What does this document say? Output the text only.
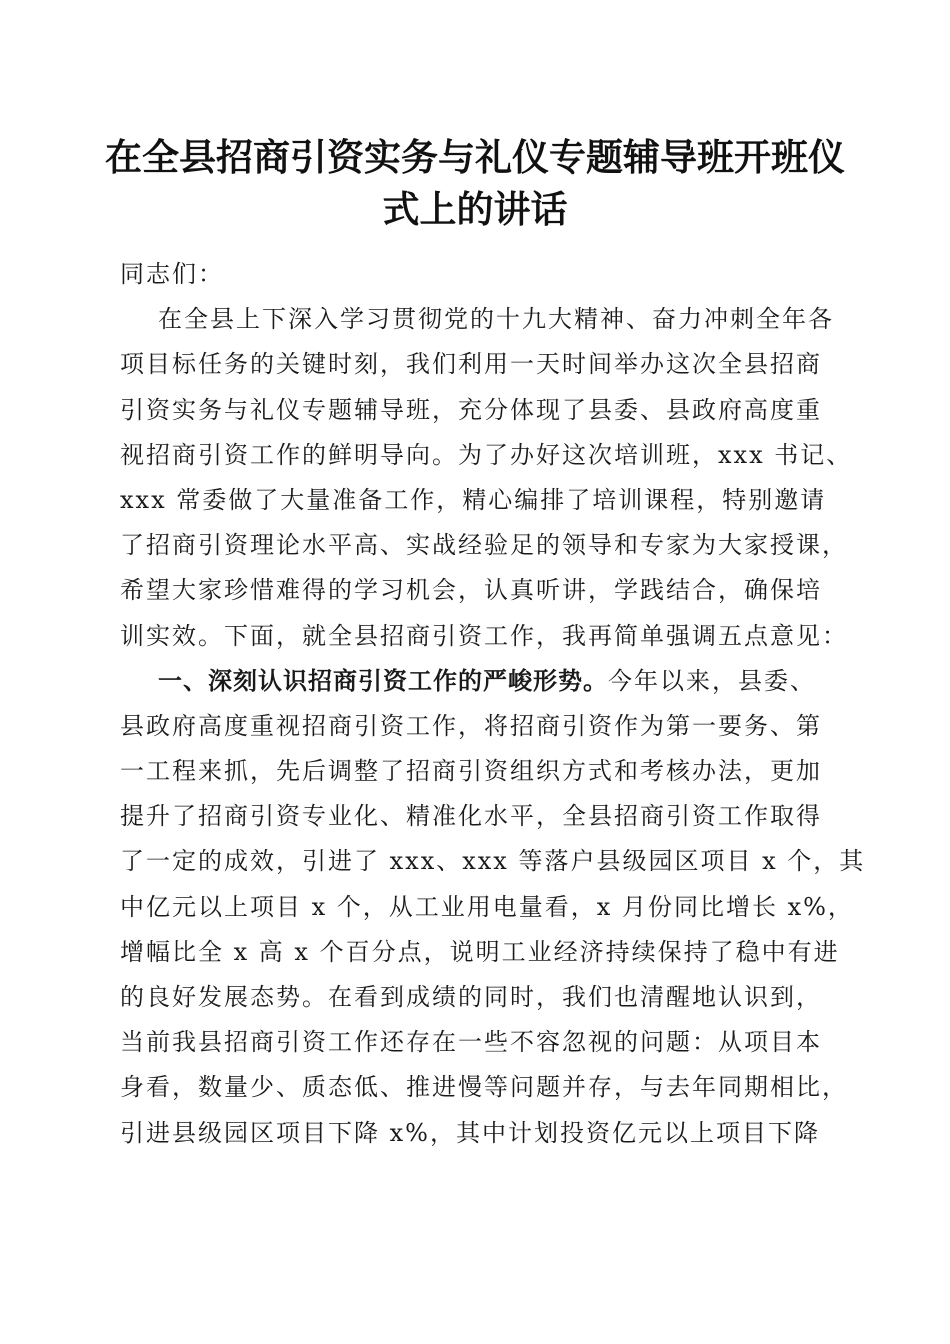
在全县招商引资实务与礼仪专题辅导班开班仪
式上的讲话
同志们：
在全县上下深入学习贯彻党的十九大精神、奋力冲刺全年各
项目标任务的关键时刻，我们利用一天时间举办这次全县招商
引资实务与礼仪专题辅导班，充分体现了县委、县政府高度重
视招商引资工作的鲜明导向。为了办好这次培训班，xxx 书记、
xxx 常委做了大量准备工作，精心编排了培训课程，特别邀请
了招商引资理论水平高、实战经验足的领导和专家为大家授课，
希望大家珍惜难得的学习机会，认真听讲，学践结合，确保培
训实效。下面，就全县招商引资工作，我再简单强调五点意见：
一、深刻认识招商引资工作的严峻形势。今年以来，县委、
县政府高度重视招商引资工作，将招商引资作为第一要务、第
一工程来抓，先后调整了招商引资组织方式和考核办法，更加
提升了招商引资专业化、精准化水平，全县招商引资工作取得
了一定的成效，引进了 xxx、xxx 等落户县级园区项目 x 个，其
中亿元以上项目 x 个，从工业用电量看，x 月份同比增长 x%，
增幅比全 x 高 x 个百分点，说明工业经济持续保持了稳中有进
的良好发展态势。在看到成绩的同时，我们也清醒地认识到，
当前我县招商引资工作还存在一些不容忽视的问题：从项目本
身看，数量少、质态低、推进慢等问题并存，与去年同期相比，
引进县级园区项目下降 x%，其中计划投资亿元以上项目下降
